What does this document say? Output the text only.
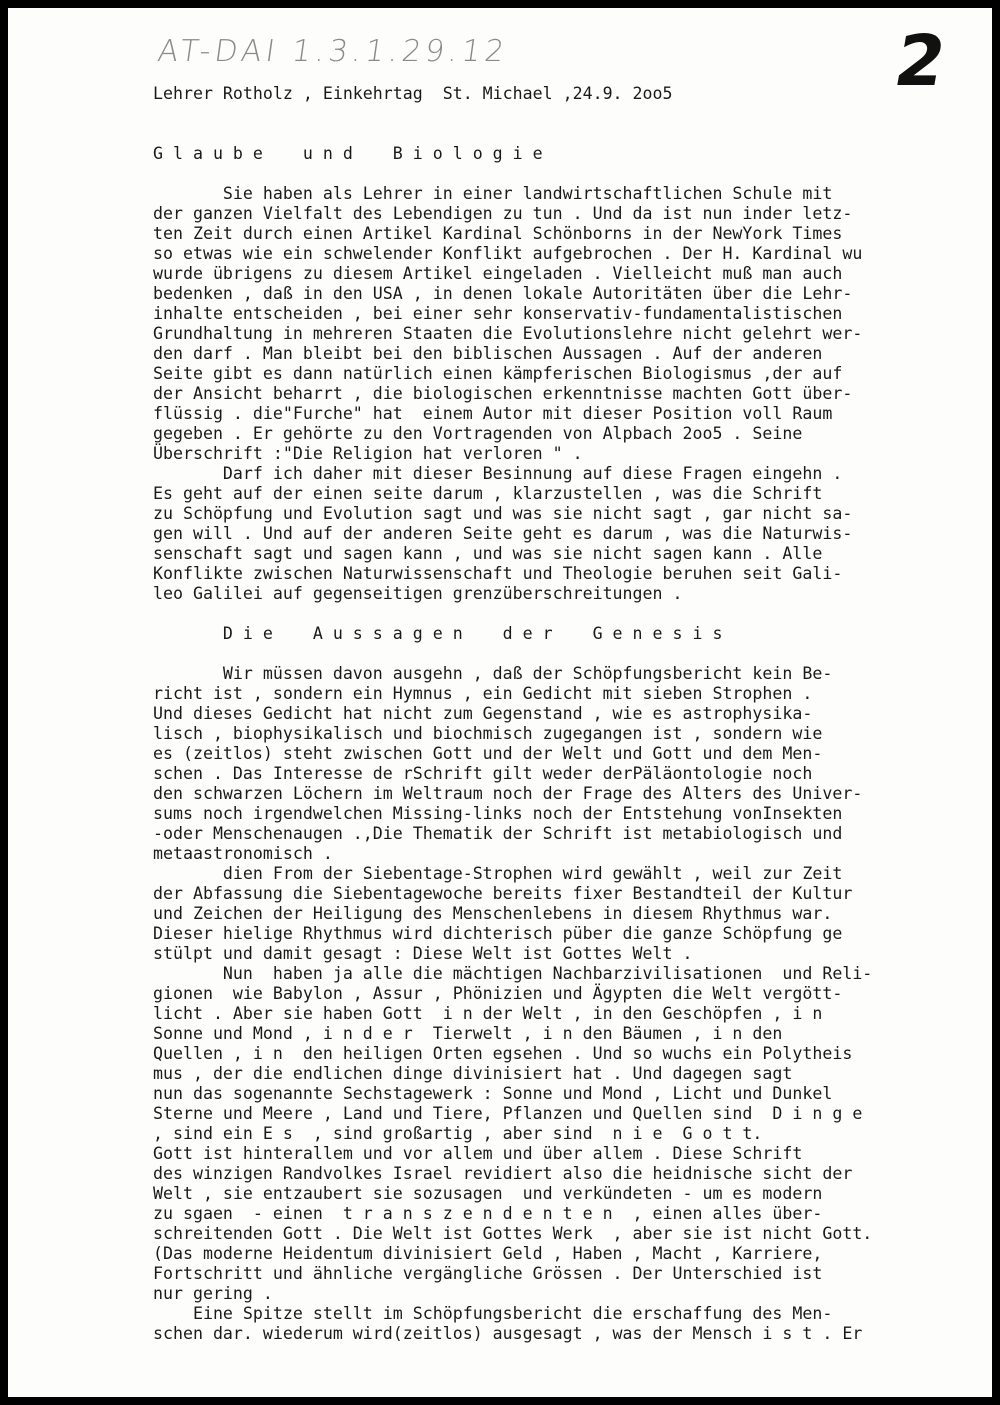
AT-DAI 1.3.1.29.12	2
Lehrer Rotholz , Einkehrtag  St. Michael ,24.9. 2oo5
G l a u b e    u n d    B i o l o g i e
Sie haben als Lehrer in einer landwirtschaftlichen Schule mit
der ganzen Vielfalt des Lebendigen zu tun . Und da ist nun inder letz-
ten Zeit durch einen Artikel Kardinal Schönborns in der NewYork Times
so etwas wie ein schwelender Konflikt aufgebrochen . Der H. Kardinal wu
wurde übrigens zu diesem Artikel eingeladen . Vielleicht muß man auch
bedenken , daß in den USA , in denen lokale Autoritäten über die Lehr-
inhalte entscheiden , bei einer sehr konservativ-fundamentalistischen
Grundhaltung in mehreren Staaten die Evolutionslehre nicht gelehrt wer-
den darf . Man bleibt bei den biblischen Aussagen . Auf der anderen
Seite gibt es dann natürlich einen kämpferischen Biologismus ,der auf
der Ansicht beharrt , die biologischen erkenntnisse machten Gott über-
flüssig . die"Furche" hat  einem Autor mit dieser Position voll Raum
gegeben . Er gehörte zu den Vortragenden von Alpbach 2oo5 . Seine
Überschrift :"Die Religion hat verloren " .
Darf ich daher mit dieser Besinnung auf diese Fragen eingehn .
Es geht auf der einen seite darum , klarzustellen , was die Schrift
zu Schöpfung und Evolution sagt und was sie nicht sagt , gar nicht sa-
gen will . Und auf der anderen Seite geht es darum , was die Naturwis-
senschaft sagt und sagen kann , und was sie nicht sagen kann . Alle
Konflikte zwischen Naturwissenschaft und Theologie beruhen seit Gali-
leo Galilei auf gegenseitigen grenzüberschreitungen .
D i e    A u s s a g e n    d e r    G e n e s i s
Wir müssen davon ausgehn , daß der Schöpfungsbericht kein Be-
richt ist , sondern ein Hymnus , ein Gedicht mit sieben Strophen .
Und dieses Gedicht hat nicht zum Gegenstand , wie es astrophysika-
lisch , biophysikalisch und biochmisch zugegangen ist , sondern wie
es (zeitlos) steht zwischen Gott und der Welt und Gott und dem Men-
schen . Das Interesse de rSchrift gilt weder derPäläontologie noch
den schwarzen Löchern im Weltraum noch der Frage des Alters des Univer-
sums noch irgendwelchen Missing-links noch der Entstehung vonInsekten
-oder Menschenaugen .,Die Thematik der Schrift ist metabiologisch und
metaastronomisch .
dien From der Siebentage-Strophen wird gewählt , weil zur Zeit
der Abfassung die Siebentagewoche bereits fixer Bestandteil der Kultur
und Zeichen der Heiligung des Menschenlebens in diesem Rhythmus war.
Dieser hielige Rhythmus wird dichterisch püber die ganze Schöpfung ge
stülpt und damit gesagt : Diese Welt ist Gottes Welt .
Nun  haben ja alle die mächtigen Nachbarzivilisationen  und Reli-
gionen  wie Babylon , Assur , Phönizien und Ägypten die Welt vergött-
licht . Aber sie haben Gott  i n der Welt , in den Geschöpfen , i n
Sonne und Mond , i n d e r  Tierwelt , i n den Bäumen , i n den
Quellen , i n  den heiligen Orten egsehen . Und so wuchs ein Polytheis
mus , der die endlichen dinge divinisiert hat . Und dagegen sagt
nun das sogenannte Sechstagewerk : Sonne und Mond , Licht und Dunkel
Sterne und Meere , Land und Tiere, Pflanzen und Quellen sind  D i n g e
, sind ein E s  , sind großartig , aber sind  n i e  G o t t.
Gott ist hinterallem und vor allem und über allem . Diese Schrift
des winzigen Randvolkes Israel revidiert also die heidnische sicht der
Welt , sie entzaubert sie sozusagen  und verkündeten - um es modern
zu sgaen  - einen  t r a n s z e n d e n t e n  , einen alles über-
schreitenden Gott . Die Welt ist Gottes Werk  , aber sie ist nicht Gott.
(Das moderne Heidentum divinisiert Geld , Haben , Macht , Karriere,
Fortschritt und ähnliche vergängliche Grössen . Der Unterschied ist
nur gering .
Eine Spitze stellt im Schöpfungsbericht die erschaffung des Men-
schen dar. wiederum wird(zeitlos) ausgesagt , was der Mensch i s t . Er
